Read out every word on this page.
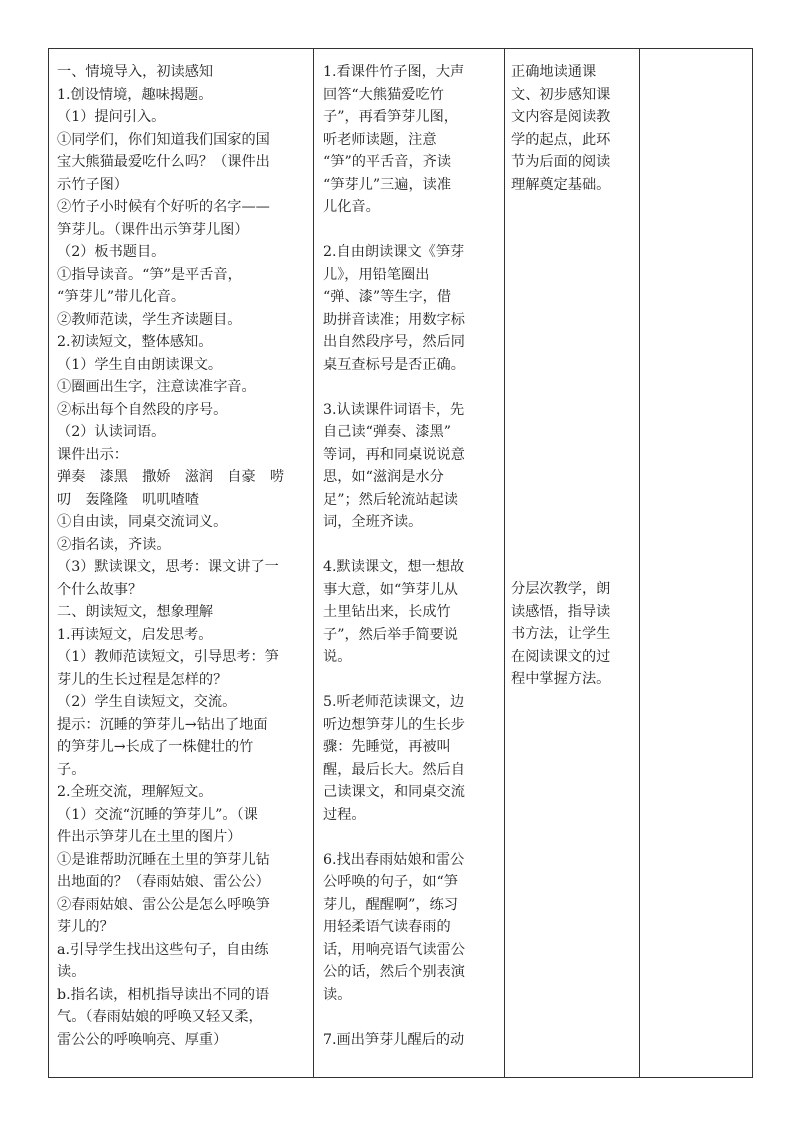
一、情境导入，初读感知
1.创设情境，趣味揭题。
（1）提问引入。
①同学们，你们知道我们国家的国
宝大熊猫最爱吃什么吗？（课件出
示竹子图）
②竹子小时候有个好听的名字——
笋芽儿。（课件出示笋芽儿图）
（2）板书题目。
①指导读音。“笋”是平舌音，
“笋芽儿”带儿化音。
②教师范读，学生齐读题目。
2.初读短文，整体感知。
（1）学生自由朗读课文。
①圈画出生字，注意读准字音。
②标出每个自然段的序号。
（2）认读词语。
课件出示：
弹奏　漆黑　撒娇　滋润　自豪　唠
叨　轰隆隆　叽叽喳喳
①自由读，同桌交流词义。
②指名读，齐读。
（3）默读课文，思考：课文讲了一
个什么故事？
二、朗读短文，想象理解
1.再读短文，启发思考。
（1）教师范读短文，引导思考：笋
芽儿的生长过程是怎样的？
（2）学生自读短文，交流。
提示：沉睡的笋芽儿→钻出了地面
的笋芽儿→长成了一株健壮的竹
子。
2.全班交流，理解短文。
（1）交流“沉睡的笋芽儿”。（课
件出示笋芽儿在土里的图片）
①是谁帮助沉睡在土里的笋芽儿钻
出地面的？（春雨姑娘、雷公公）
②春雨姑娘、雷公公是怎么呼唤笋
芽儿的？
a.引导学生找出这些句子，自由练
读。
b.指名读，相机指导读出不同的语
气。（春雨姑娘的呼唤又轻又柔，
雷公公的呼唤响亮、厚重）
1.看课件竹子图，大声
回答“大熊猫爱吃竹
子”，再看笋芽儿图，
听老师读题，注意
“笋”的平舌音，齐读
“笋芽儿”三遍，读准
儿化音。
2.自由朗读课文《笋芽
儿》，用铅笔圈出
“弹、漆”等生字，借
助拼音读准；用数字标
出自然段序号，然后同
桌互查标号是否正确。
3.认读课件词语卡，先
自己读“弹奏、漆黑”
等词，再和同桌说说意
思，如“滋润是水分
足”；然后轮流站起读
词，全班齐读。
4.默读课文，想一想故
事大意，如“笋芽儿从
土里钻出来，长成竹
子”，然后举手简要说
说。
5.听老师范读课文，边
听边想笋芽儿的生长步
骤：先睡觉，再被叫
醒，最后长大。然后自
己读课文，和同桌交流
过程。
6.找出春雨姑娘和雷公
公呼唤的句子，如“笋
芽儿，醒醒啊”，练习
用轻柔语气读春雨的
话，用响亮语气读雷公
公的话，然后个别表演
读。
7.画出笋芽儿醒后的动
正确地读通课
文、初步感知课
文内容是阅读教
学的起点，此环
节为后面的阅读
理解奠定基础。
分层次教学，朗
读感悟，指导读
书方法，让学生
在阅读课文的过
程中掌握方法。
